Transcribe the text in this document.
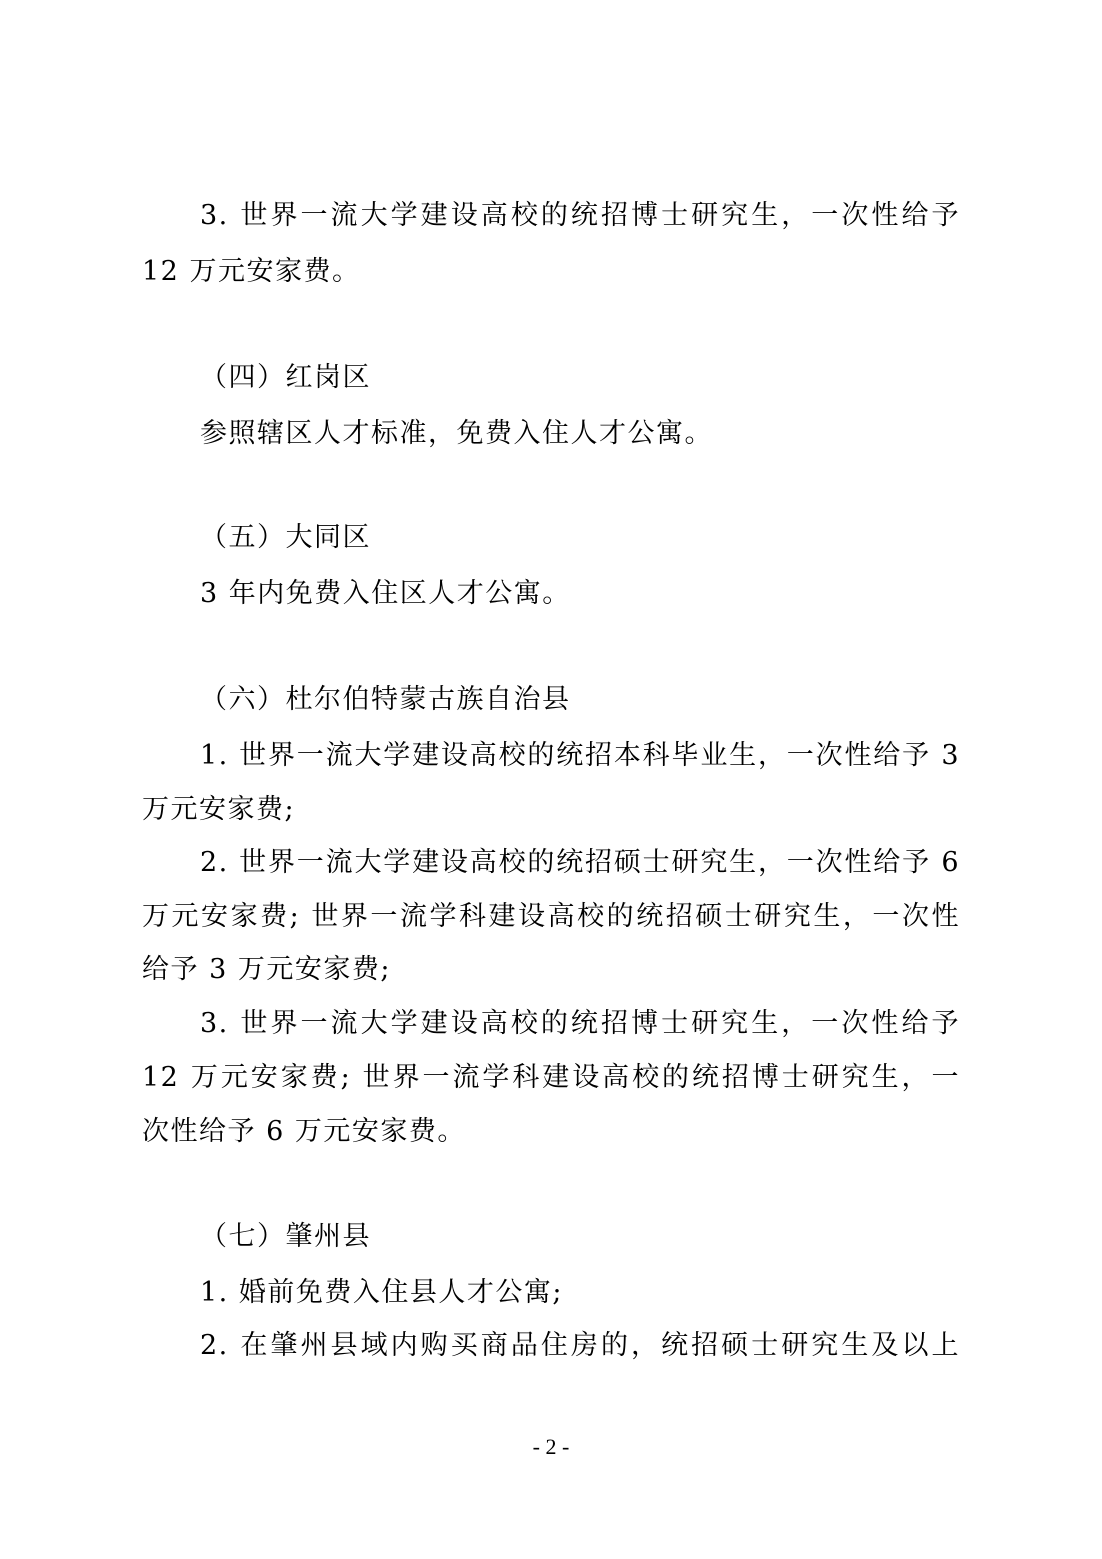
3. 世界一流大学建设高校的统招博士研究生，一次性给予
12 万元安家费。
（四）红岗区
参照辖区人才标准，免费入住人才公寓。
（五）大同区
3 年内免费入住区人才公寓。
（六）杜尔伯特蒙古族自治县
1. 世界一流大学建设高校的统招本科毕业生，一次性给予 3
万元安家费;
2. 世界一流大学建设高校的统招硕士研究生，一次性给予 6
万元安家费; 世界一流学科建设高校的统招硕士研究生，一次性
给予 3 万元安家费;
3. 世界一流大学建设高校的统招博士研究生，一次性给予
12 万元安家费; 世界一流学科建设高校的统招博士研究生，一
次性给予 6 万元安家费。
（七）肇州县
1. 婚前免费入住县人才公寓;
2. 在肇州县域内购买商品住房的，统招硕士研究生及以上
- 2 -
